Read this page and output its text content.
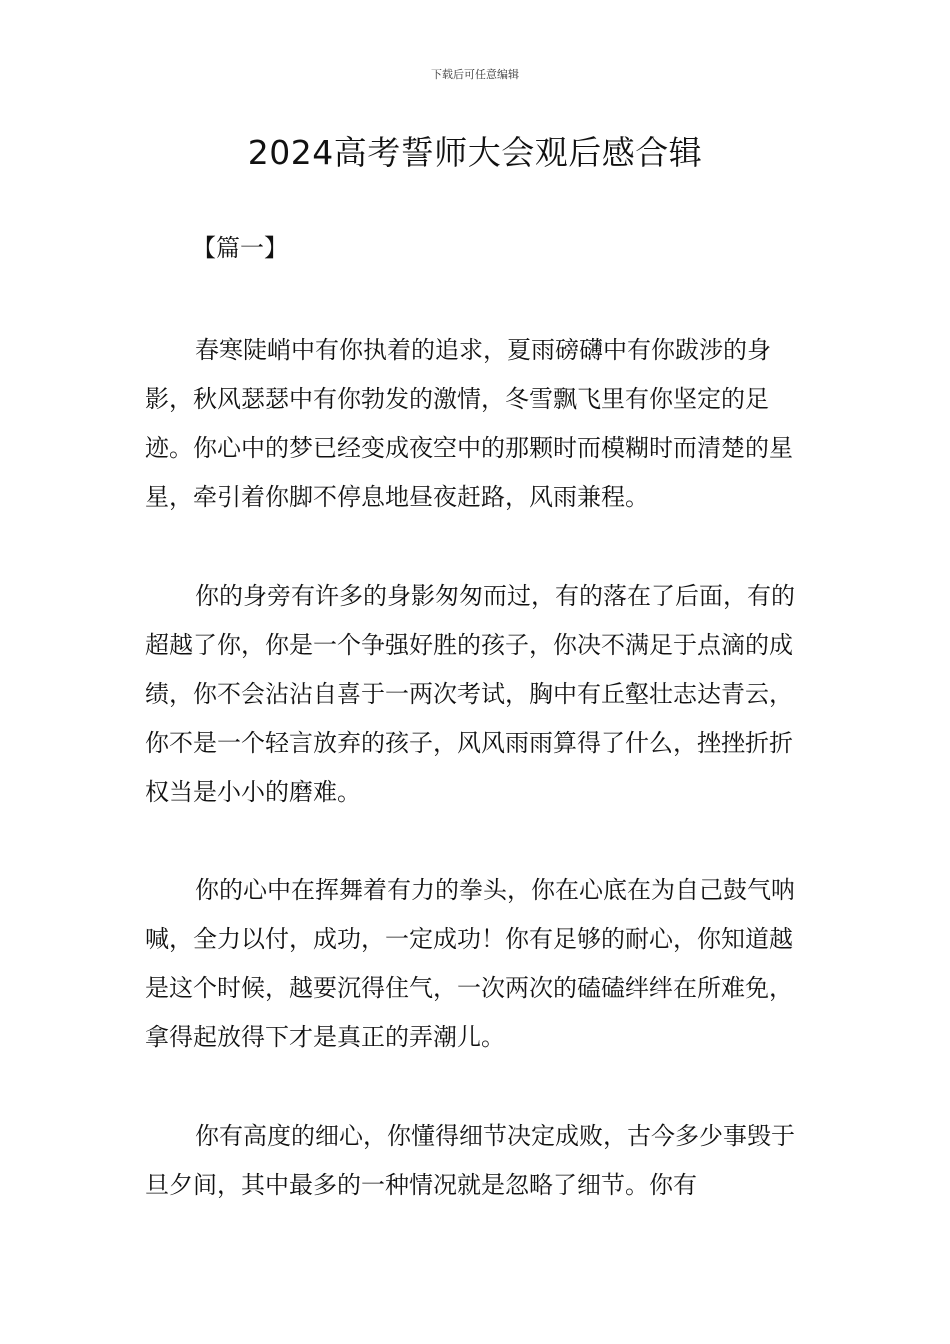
下载后可任意编辑
2024高考誓师大会观后感合辑
【篇一】

春寒陡峭中有你执着的追求，夏雨磅礴中有你跋涉的身影，秋风瑟瑟中有你勃发的激情，冬雪飘飞里有你坚定的足迹。你心中的梦已经变成夜空中的那颗时而模糊时而清楚的星星，牵引着你脚不停息地昼夜赶路，风雨兼程。

你的身旁有许多的身影匆匆而过，有的落在了后面，有的超越了你，你是一个争强好胜的孩子，你决不满足于点滴的成绩，你不会沾沾自喜于一两次考试，胸中有丘壑壮志达青云，你不是一个轻言放弃的孩子，风风雨雨算得了什么，挫挫折折权当是小小的磨难。

你的心中在挥舞着有力的拳头，你在心底在为自己鼓气呐喊，全力以付，成功，一定成功！你有足够的耐心，你知道越是这个时候，越要沉得住气，一次两次的磕磕绊绊在所难免，拿得起放得下才是真正的弄潮儿。

你有高度的细心，你懂得细节决定成败，古今多少事毁于旦夕间，其中最多的一种情况就是忽略了细节。你有
